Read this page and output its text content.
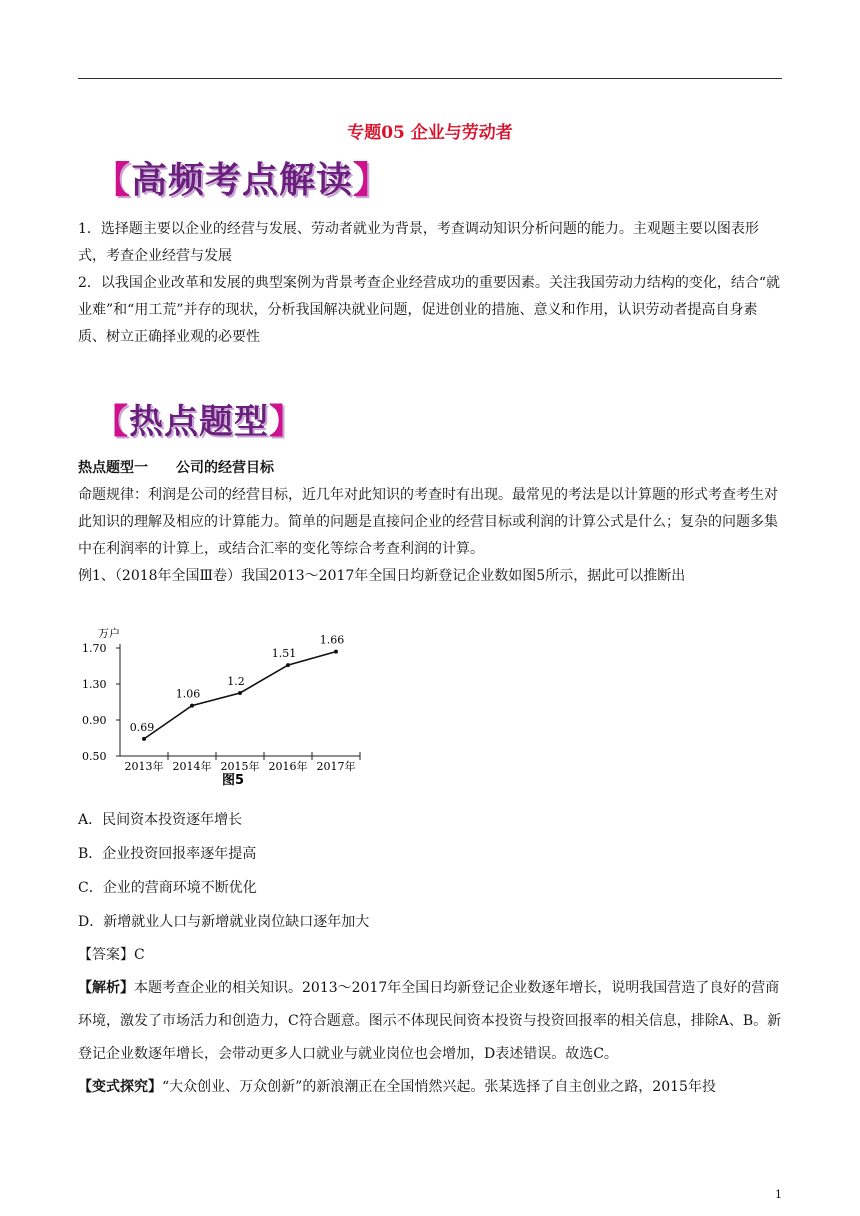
专题05 企业与劳动者
【高频考点解读】

1．选择题主要以企业的经营与发展、劳动者就业为背景，考查调动知识分析问题的能力。主观题主要以图表形式，考查企业经营与发展

2．以我国企业改革和发展的典型案例为背景考查企业经营成功的重要因素。关注我国劳动力结构的变化，结合“就业难”和“用工荒”并存的现状，分析我国解决就业问题，促进创业的措施、意义和作用，认识劳动者提高自身素质、树立正确择业观的必要性

【热点题型】

热点题型一　　公司的经营目标

命题规律：利润是公司的经营目标，近几年对此知识的考查时有出现。最常见的考法是以计算题的形式考查考生对此知识的理解及相应的计算能力。简单的问题是直接问企业的经营目标或利润的计算公式是什么；复杂的问题多集中在利润率的计算上，或结合汇率的变化等综合考查利润的计算。

例1、（2018年全国Ⅲ卷）我国2013～2017年全国日均新登记企业数如图5所示，据此可以推断出

万户
1.70
1.30
0.90
0.50
2013年 2014年 2015年 2016年 2017年
0.69
1.06
1.2
1.51
1.66
图5

A．民间资本投资逐年增长

B．企业投资回报率逐年提高

C．企业的营商环境不断优化

D．新增就业人口与新增就业岗位缺口逐年加大

【答案】C

【解析】本题考查企业的相关知识。2013～2017年全国日均新登记企业数逐年增长，说明我国营造了良好的营商环境，激发了市场活力和创造力，C符合题意。图示不体现民间资本投资与投资回报率的相关信息，排除A、B。新登记企业数逐年增长，会带动更多人口就业与就业岗位也会增加，D表述错误。故选C。

【变式探究】“大众创业、万众创新”的新浪潮正在全国悄然兴起。张某选择了自主创业之路，2015年投

1
